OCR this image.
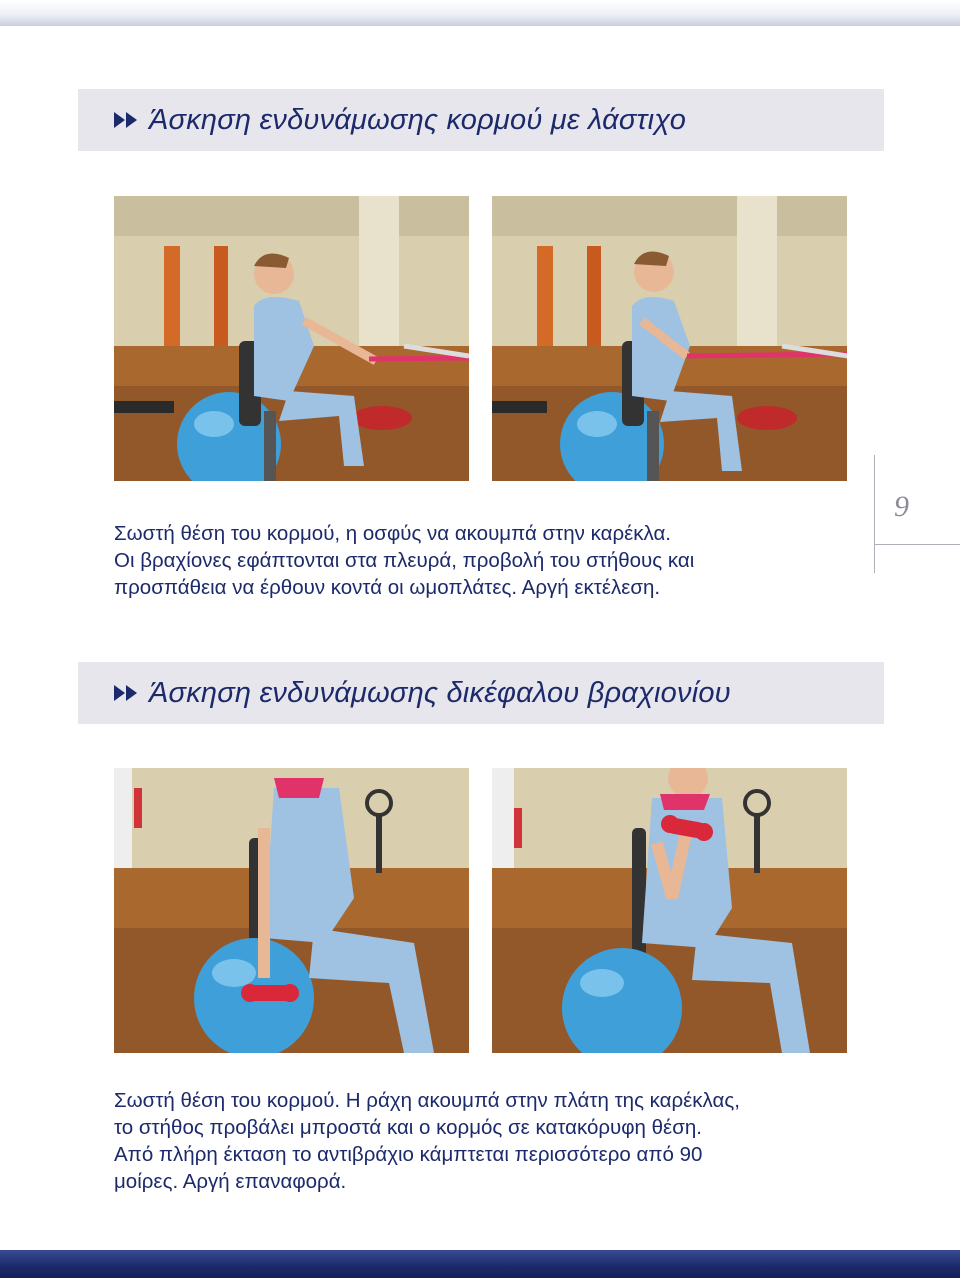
Άσκηση ενδυνάμωσης κορμού με λάστιχο
Σωστή θέση του κορμού, η οσφύς να ακουμπά στην καρέκλα.
Οι βραχίονες εφάπτονται στα πλευρά, προβολή του στήθους και
προσπάθεια να έρθουν κοντά οι ωμοπλάτες. Αργή εκτέλεση.
9
Άσκηση ενδυνάμωσης δικέφαλου βραχιονίου
Σωστή θέση του κορμού. Η ράχη ακουμπά στην πλάτη της καρέκλας,
το στήθος προβάλει μπροστά και ο κορμός σε κατακόρυφη θέση.
Από πλήρη έκταση το αντιβράχιο κάμπτεται περισσότερο από 90
μοίρες. Αργή επαναφορά.
